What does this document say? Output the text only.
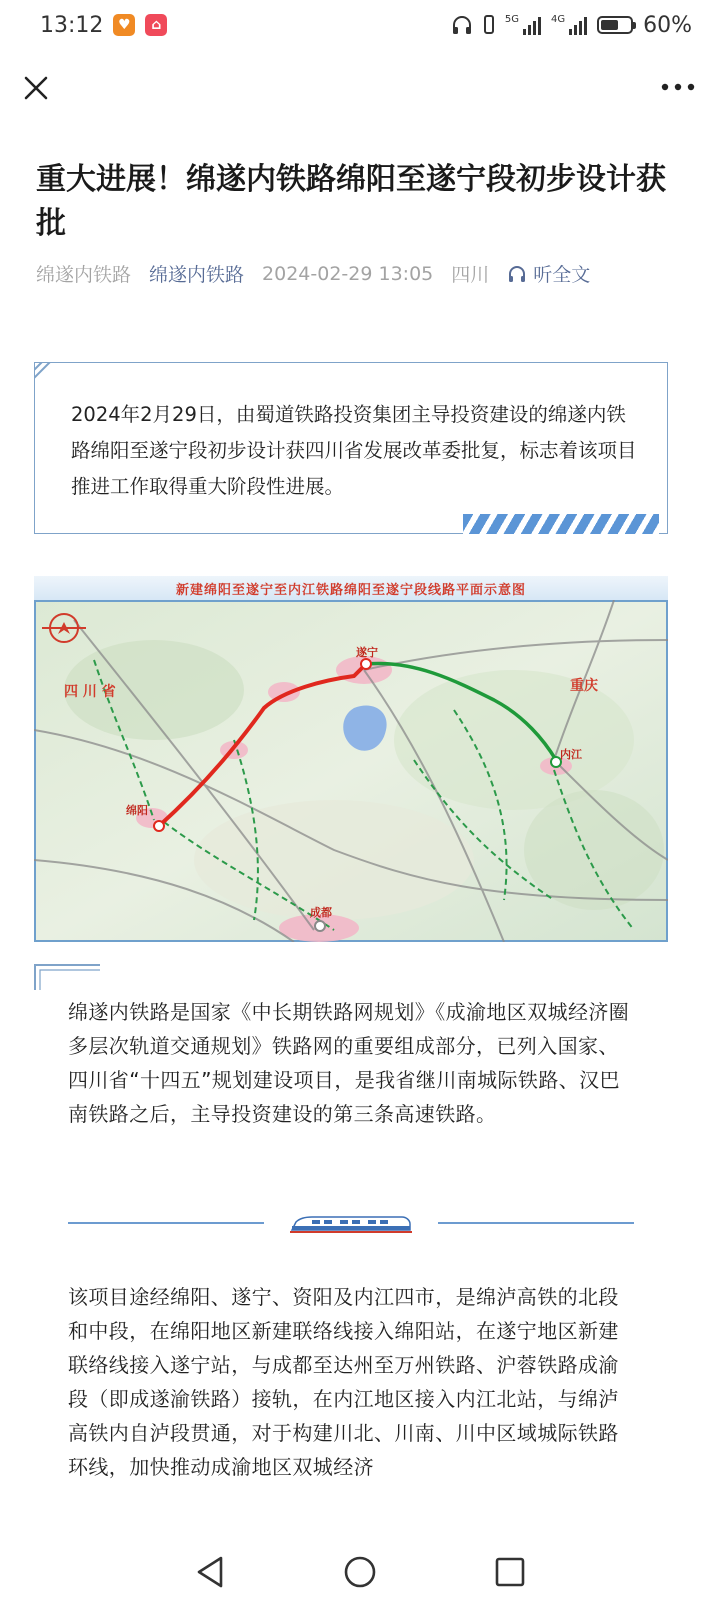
13:12	♥	⌂	5G	4G	60%
重大进展！绵遂内铁路绵阳至遂宁段初步设计获批
绵遂内铁路 绵遂内铁路 2024-02-29 13:05 四川 听全文

2024年2月29日，由蜀道铁路投资集团主导投资建设的绵遂内铁路绵阳至遂宁段初步设计获四川省发展改革委批复，标志着该项目推进工作取得重大阶段性进展。

新建绵阳至遂宁至内江铁路绵阳至遂宁段线路平面示意图
四 川 省	重庆
绵阳
遂宁
内江
成都

绵遂内铁路是国家《中长期铁路网规划》《成渝地区双城经济圈多层次轨道交通规划》铁路网的重要组成部分，已列入国家、四川省“十四五”规划建设项目，是我省继川南城际铁路、汉巴南铁路之后，主导投资建设的第三条高速铁路。

该项目途经绵阳、遂宁、资阳及内江四市，是绵泸高铁的北段和中段，在绵阳地区新建联络线接入绵阳站，在遂宁地区新建联络线接入遂宁站，与成都至达州至万州铁路、沪蓉铁路成渝段（即成遂渝铁路）接轨，在内江地区接入内江北站，与绵泸高铁内自泸段贯通，对于构建川北、川南、川中区域城际铁路环线，加快推动成渝地区双城经济
